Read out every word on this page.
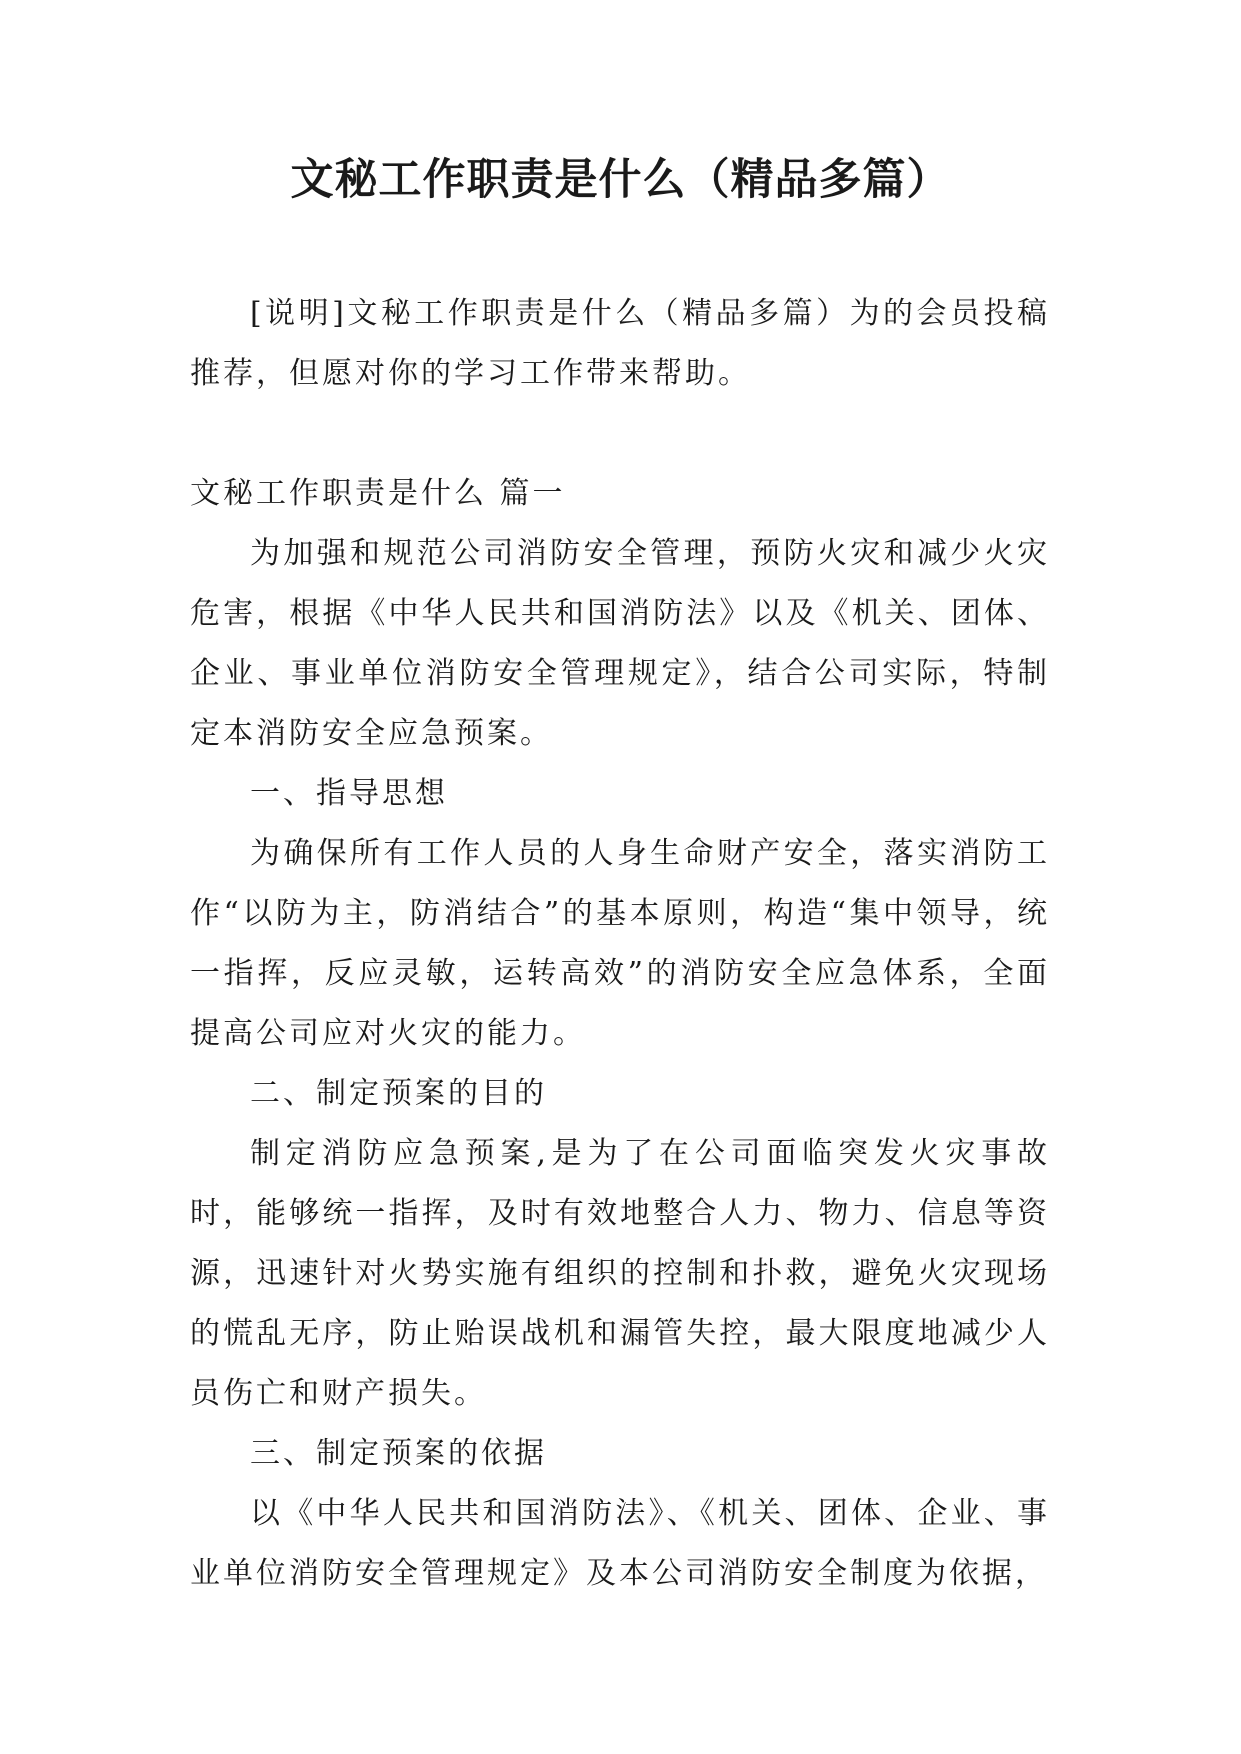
文秘工作职责是什么（精品多篇）

[说明]文秘工作职责是什么（精品多篇）为的会员投稿推荐，但愿对你的学习工作带来帮助。

文秘工作职责是什么 篇一

为加强和规范公司消防安全管理，预防火灾和减少火灾危害，根据《中华人民共和国消防法》以及《机关、团体、企业、事业单位消防安全管理规定》，结合公司实际，特制定本消防安全应急预案。

一、指导思想

为确保所有工作人员的人身生命财产安全，落实消防工作“以防为主，防消结合”的基本原则，构造“集中领导，统一指挥，反应灵敏，运转高效”的消防安全应急体系，全面提高公司应对火灾的能力。

二、制定预案的目的

制定消防应急预案,是为了在公司面临突发火灾事故时，能够统一指挥，及时有效地整合人力、物力、信息等资源，迅速针对火势实施有组织的控制和扑救，避免火灾现场的慌乱无序，防止贻误战机和漏管失控，最大限度地减少人员伤亡和财产损失。

三、制定预案的依据

以《中华人民共和国消防法》、《机关、团体、企业、事业单位消防安全管理规定》及本公司消防安全制度为依据，
